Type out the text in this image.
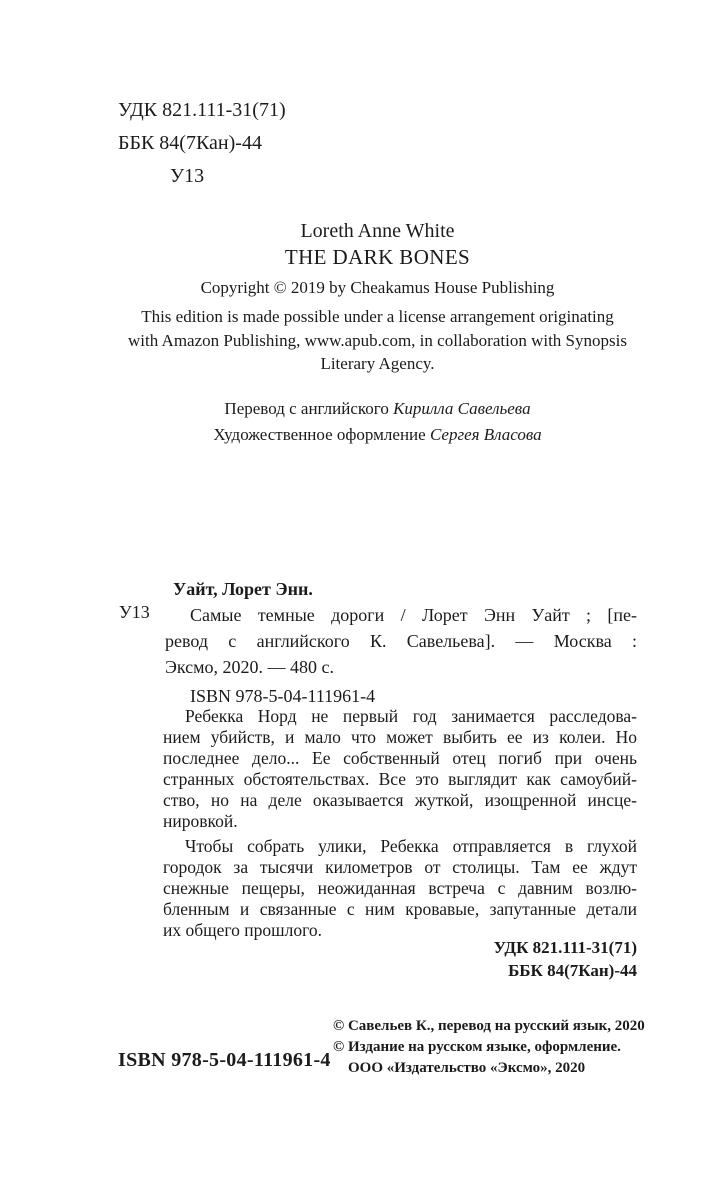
УДК 821.111-31(71)
ББК 84(7Кан)-44
У13
Loreth Anne White
THE DARK BONES
Copyright © 2019 by Cheakamus House Publishing
This edition is made possible under a license arrangement originating
with Amazon Publishing, www.apub.com, in collaboration with Synopsis
Literary Agency.
Перевод с английского Кирилла Савельева
Художественное оформление Сергея Власова
У13
Уайт, Лорет Энн.
Самые темные дороги / Лорет Энн Уайт ; [пе-
ревод с английского К. Савельева]. — Москва :
Эксмо, 2020. — 480 с.
ISBN 978-5-04-111961-4
Ребекка Норд не первый год занимается расследова-
нием убийств, и мало что может выбить ее из колеи. Но
последнее дело... Ее собственный отец погиб при очень
странных обстоятельствах. Все это выглядит как самоубий-
ство, но на деле оказывается жуткой, изощренной инсце-
нировкой.
Чтобы собрать улики, Ребекка отправляется в глухой
городок за тысячи километров от столицы. Там ее ждут
снежные пещеры, неожиданная встреча с давним возлю-
бленным и связанные с ним кровавые, запутанные детали
их общего прошлого.
УДК 821.111-31(71)
ББК 84(7Кан)-44
ISBN 978-5-04-111961-4
© Савельев К., перевод на русский язык, 2020
© Издание на русском языке, оформление.
ООО «Издательство «Эксмо», 2020
